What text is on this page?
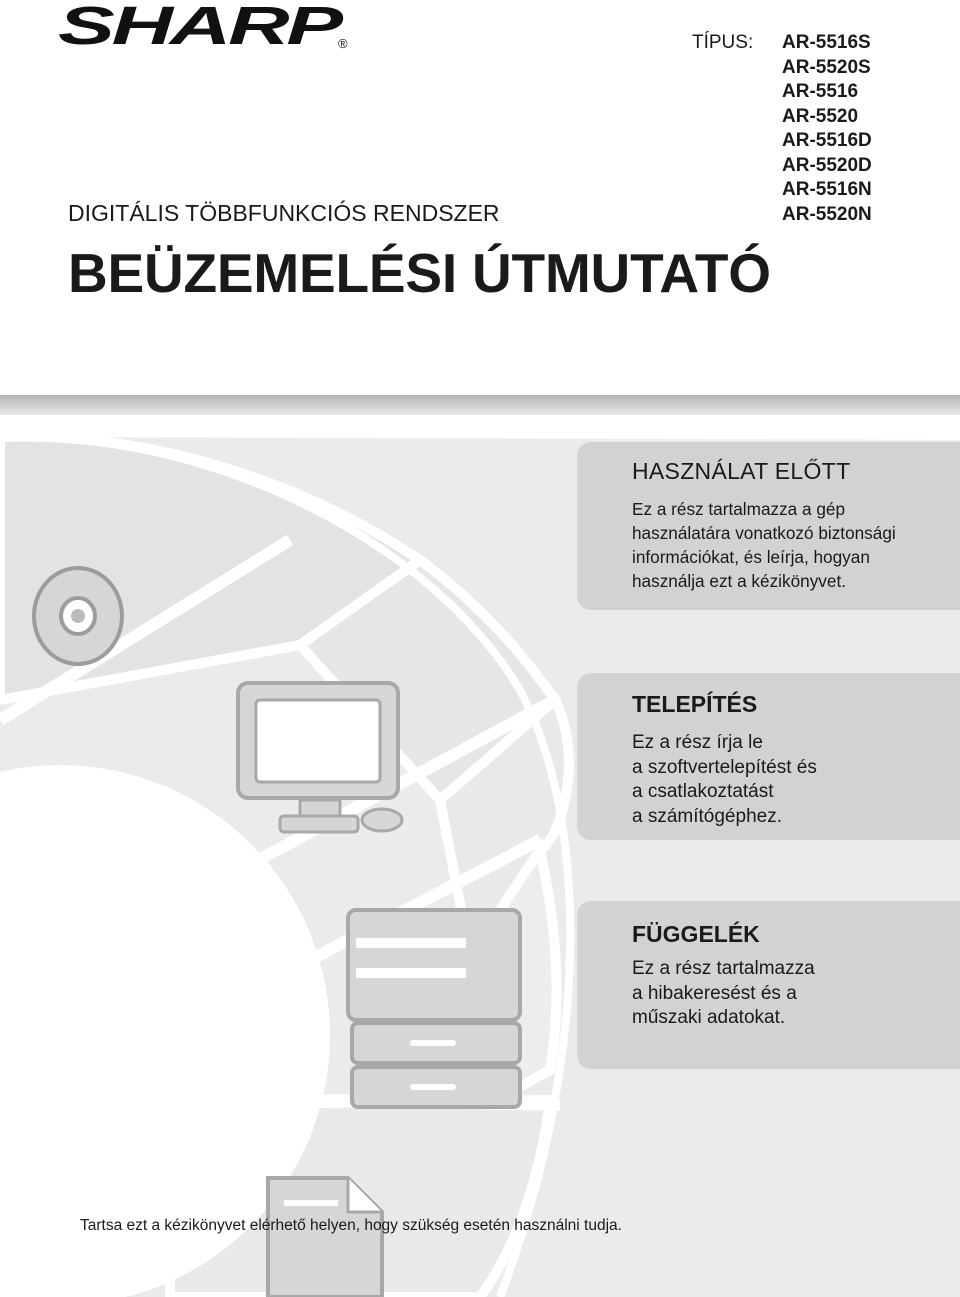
SHARP
®	TÍPUS: AR-5516S
AR-5520S
AR-5516
AR-5520
AR-5516D
AR-5520D
AR-5516N
AR-5520N
DIGITÁLIS TÖBBFUNKCIÓS RENDSZER
BEÜZEMELÉSI ÚTMUTATÓ
HASZNÁLAT ELŐTT

Ez a rész tartalmazza a gép
használatára vonatkozó biztonsági
információkat, és leírja, hogyan
használja ezt a kézikönyvet.

TELEPÍTÉS

Ez a rész írja le
a szoftvertelepítést és
a csatlakoztatást
a számítógéphez.

FÜGGELÉK

Ez a rész tartalmazza
a hibakeresést és a
műszaki adatokat.

Tartsa ezt a kézikönyvet elérhető helyen, hogy szükség esetén használni tudja.
